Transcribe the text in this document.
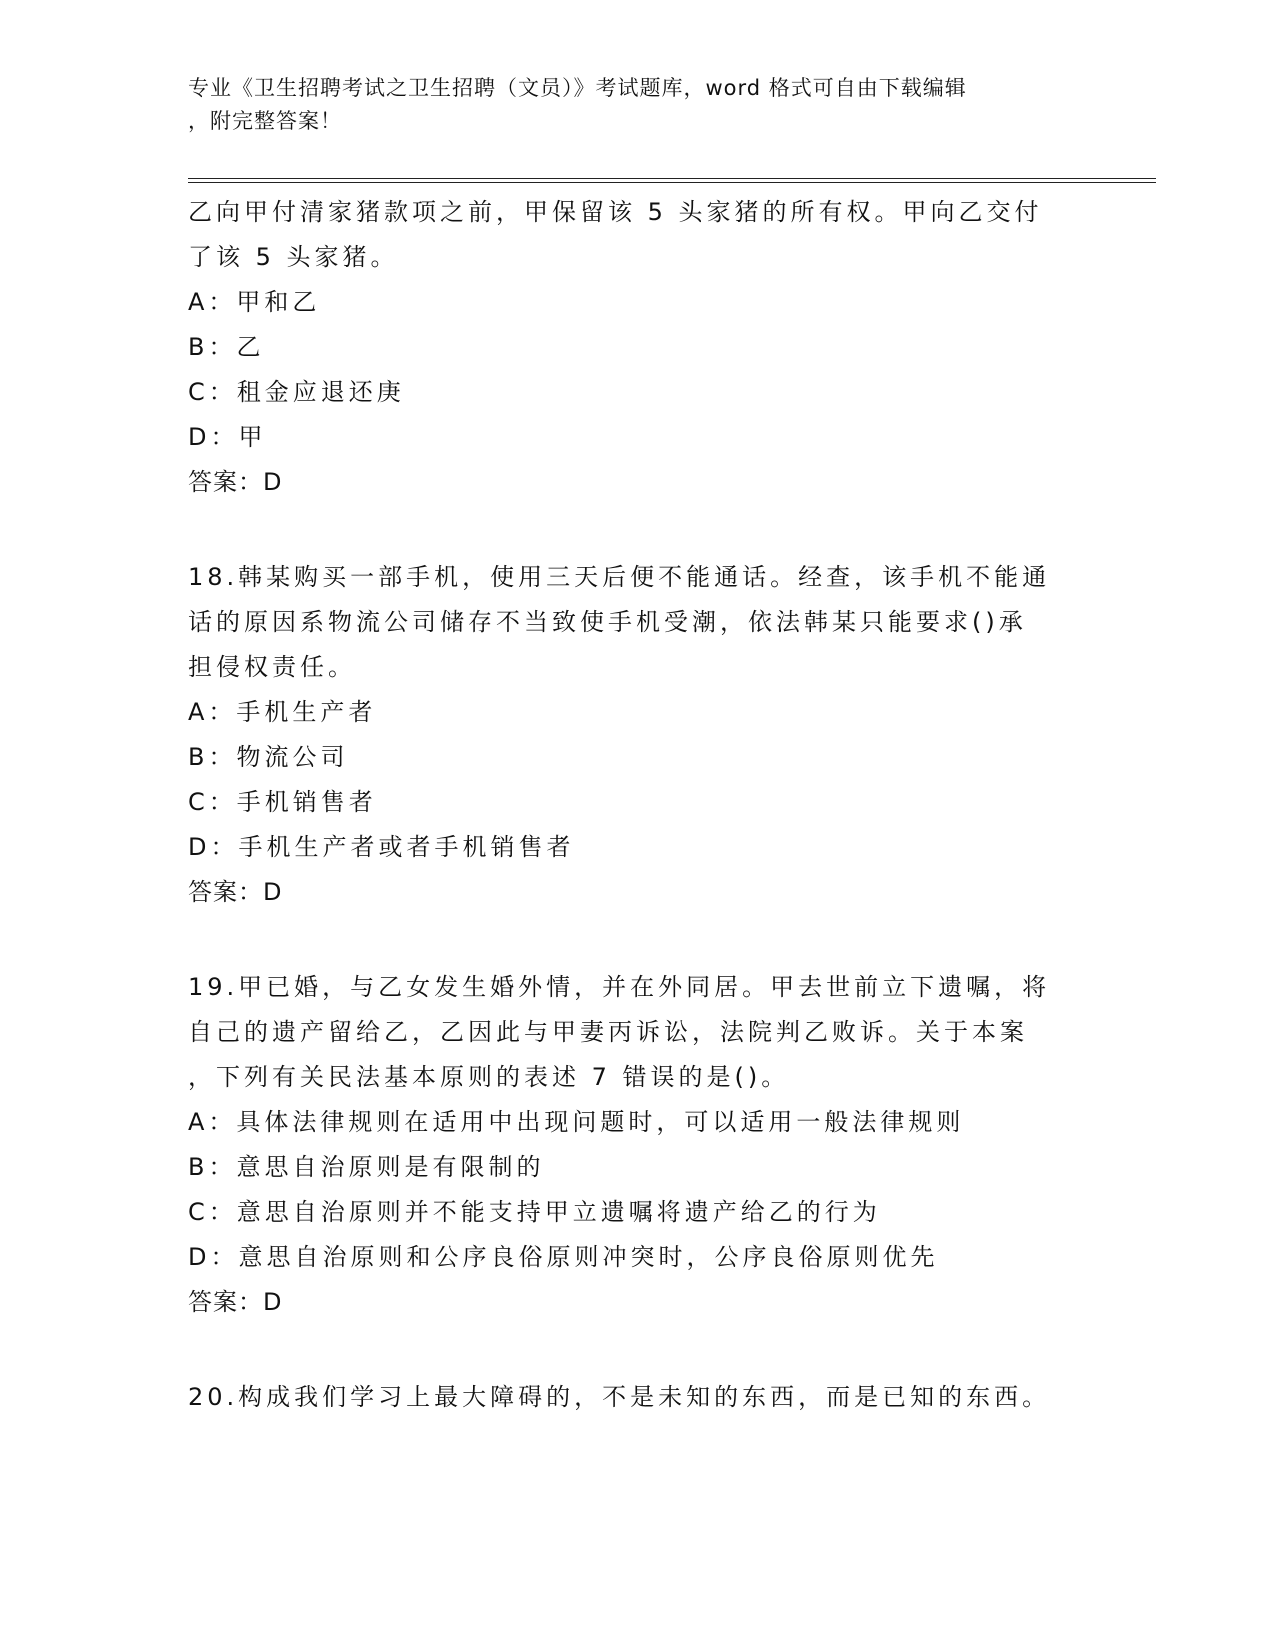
专业《卫生招聘考试之卫生招聘（文员）》考试题库，word 格式可自由下载编辑
，附完整答案！
乙向甲付清家猪款项之前，甲保留该 5 头家猪的所有权。甲向乙交付
了该 5 头家猪。
A：甲和乙
B：乙
C：租金应退还庚
D：甲
答案：D
18.韩某购买一部手机，使用三天后便不能通话。经查，该手机不能通
话的原因系物流公司储存不当致使手机受潮，依法韩某只能要求()承
担侵权责任。
A：手机生产者
B：物流公司
C：手机销售者
D：手机生产者或者手机销售者
答案：D
19.甲已婚，与乙女发生婚外情，并在外同居。甲去世前立下遗嘱，将
自己的遗产留给乙，乙因此与甲妻丙诉讼，法院判乙败诉。关于本案
，下列有关民法基本原则的表述 7 错误的是()。
A：具体法律规则在适用中出现问题时，可以适用一般法律规则
B：意思自治原则是有限制的
C：意思自治原则并不能支持甲立遗嘱将遗产给乙的行为
D：意思自治原则和公序良俗原则冲突时，公序良俗原则优先
答案：D
20.构成我们学习上最大障碍的，不是未知的东西，而是已知的东西。
